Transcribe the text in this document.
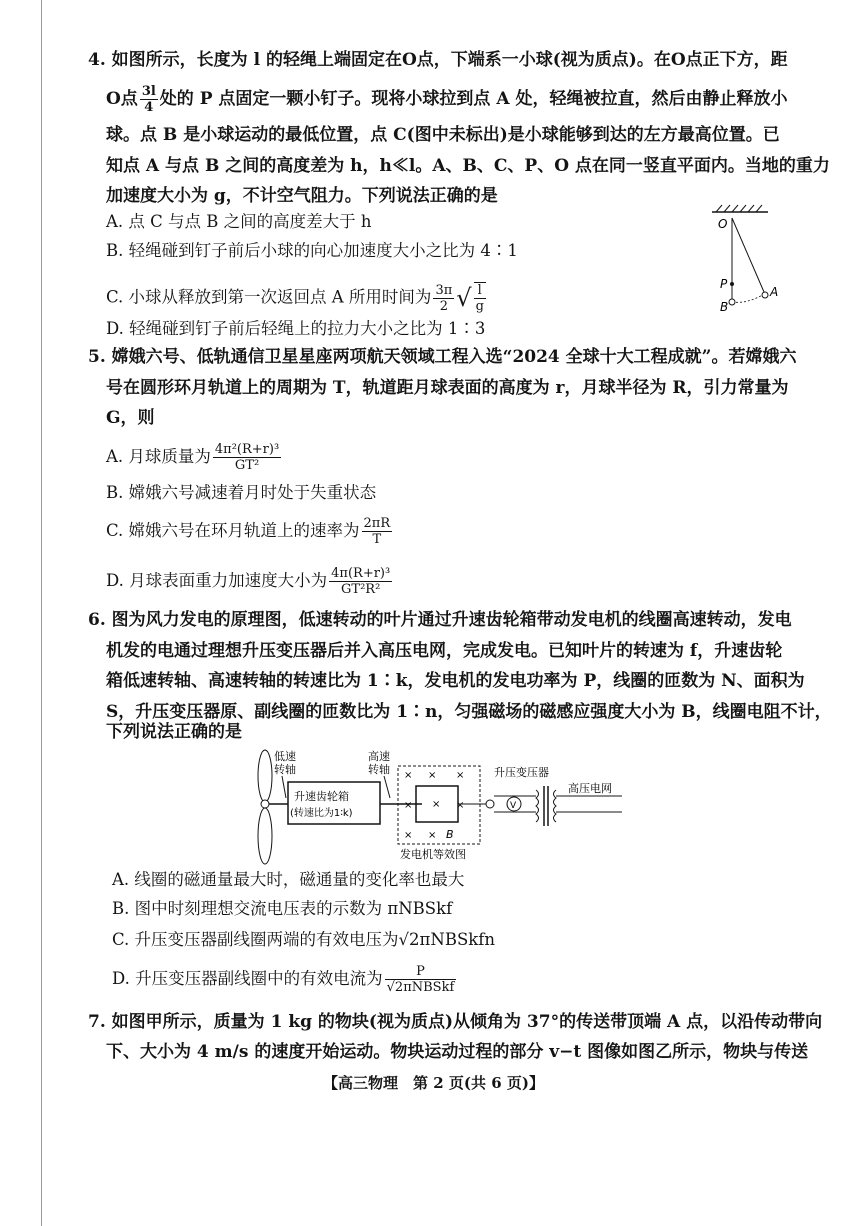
4. 如图所示，长度为 l 的轻绳上端固定在O点，下端系一小球(视为质点)。在O点正下方，距
O点 $\frac{3l}{4}$ 处的 P 点固定一颗小钉子。现将小球拉到点 A 处，轻绳被拉直，然后由静止释放小
球。点 B 是小球运动的最低位置，点 C(图中未标出)是小球能够到达的左方最高位置。已
知点 A 与点 B 之间的高度差为 h，h≪l。A、B、C、P、O 点在同一竖直平面内。当地的重力
加速度大小为 g，不计空气阻力。下列说法正确的是
A. 点 C 与点 B 之间的高度差大于 h
B. 轻绳碰到钉子前后小球的向心加速度大小之比为 4∶1
C. 小球从释放到第一次返回点 A 所用时间为 $\frac{3\pi}{2}$ √ $\frac{l}{g}$
D. 轻绳碰到钉子前后轻绳上的拉力大小之比为 1∶3
O
P
B
A
5. 嫦娥六号、低轨通信卫星星座两项航天领域工程入选“2024 全球十大工程成就”。若嫦娥六
号在圆形环月轨道上的周期为 T，轨道距月球表面的高度为 r，月球半径为 R，引力常量为
G，则
A. 月球质量为 $\frac{\text{4π²(R+r)³}}{\text{GT²}}$
B. 嫦娥六号减速着月时处于失重状态
C. 嫦娥六号在环月轨道上的速率为 $\frac{2\pi R}{T}$
D. 月球表面重力加速度大小为 $\frac{\text{4π(R+r)³}}{\text{GT²R²}}$
6. 图为风力发电的原理图，低速转动的叶片通过升速齿轮箱带动发电机的线圈高速转动，发电
机发的电通过理想升压变压器后并入高压电网，完成发电。已知叶片的转速为 f，升速齿轮
箱低速转轴、高速转轴的转速比为 1∶k，发电机的发电功率为 P，线圈的匝数为 N、面积为
S，升压变压器原、副线圈的匝数比为 1∶n，匀强磁场的磁感应强度大小为 B，线圈电阻不计，
下列说法正确的是
低速
转轴
升速齿轮箱
(转速比为1∶k)
高速
转轴 × × ×
×	×
× × B
×
发电机等效图
V
升压变压器
高压电网
A. 线圈的磁通量最大时，磁通量的变化率也最大
B. 图中时刻理想交流电压表的示数为 πNBSkf
C. 升压变压器副线圈两端的有效电压为√2πNBSkfn
D. 升压变压器副线圈中的有效电流为 $\frac{P}{\text{√2πNBSkf}}$
7. 如图甲所示，质量为 1 kg 的物块(视为质点)从倾角为 37°的传送带顶端 A 点，以沿传动带向
下、大小为 4 m/s 的速度开始运动。物块运动过程的部分 v−t 图像如图乙所示，物块与传送
【高三物理　第 2 页(共 6 页)】
